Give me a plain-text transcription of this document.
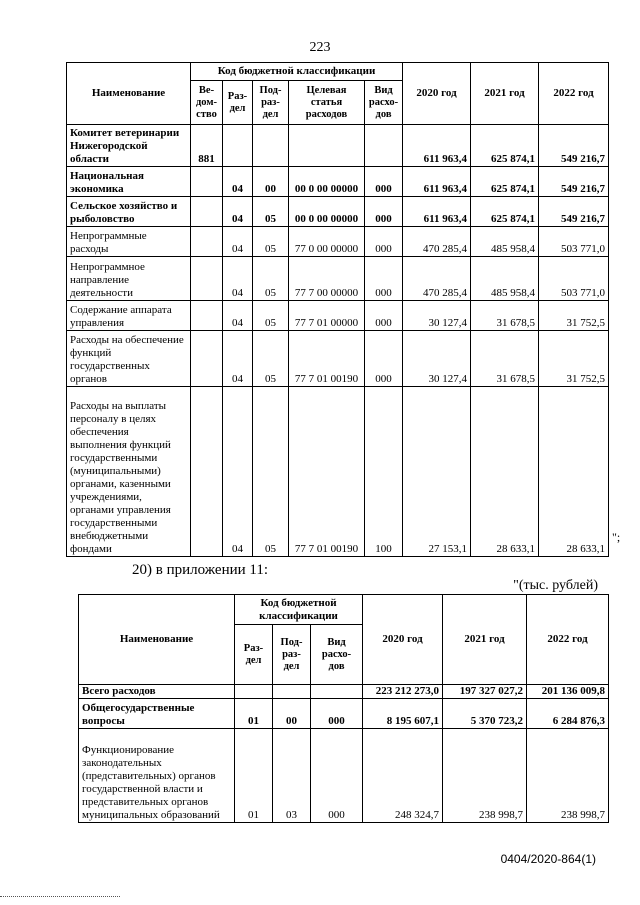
223
Наименование	Код бюджетной классификации					2020 год	2021 год	2022 год
	Ве-дом-ство	Раз-дел	Под-раз-дел	Целевая статья расходов	Вид расхо-дов			
Комитет ветеринарии Нижегородской области	881					611 963,4	625 874,1	549 216,7
Национальная экономика		04	00	00 0 00 00000	000	611 963,4	625 874,1	549 216,7
Сельское хозяйство и рыболовство		04	05	00 0 00 00000	000	611 963,4	625 874,1	549 216,7
Непрограммные расходы		04	05	77 0 00 00000	000	470 285,4	485 958,4	503 771,0
Непрограммное направление деятельности		04	05	77 7 00 00000	000	470 285,4	485 958,4	503 771,0
Содержание аппарата управления		04	05	77 7 01 00000	000	30 127,4	31 678,5	31 752,5
Расходы на обеспечение функций государственных органов		04	05	77 7 01 00190	000	30 127,4	31 678,5	31 752,5
Расходы на выплаты персоналу в целях обеспечения выполнения функций государственными (муниципальными) органами, казенными учреждениями, органами управления государственными внебюджетными фондами		04	05	77 7 01 00190	100	27 153,1	28 633,1	28 633,1
";
20) в приложении 11:
"(тыс. рублей)
Наименование	Код бюджетной классификации			2020 год	2021 год	2022 год
	Раз-дел	Под-раз-дел	Вид расхо-дов			
Всего расходов				223 212 273,0	197 327 027,2	201 136 009,8
Общегосударственные вопросы	01	00	000	8 195 607,1	5 370 723,2	6 284 876,3
Функционирование законодательных (представительных) органов государственной власти и представительных органов муниципальных образований	01	03	000	248 324,7	238 998,7	238 998,7
0404/2020-864(1)
